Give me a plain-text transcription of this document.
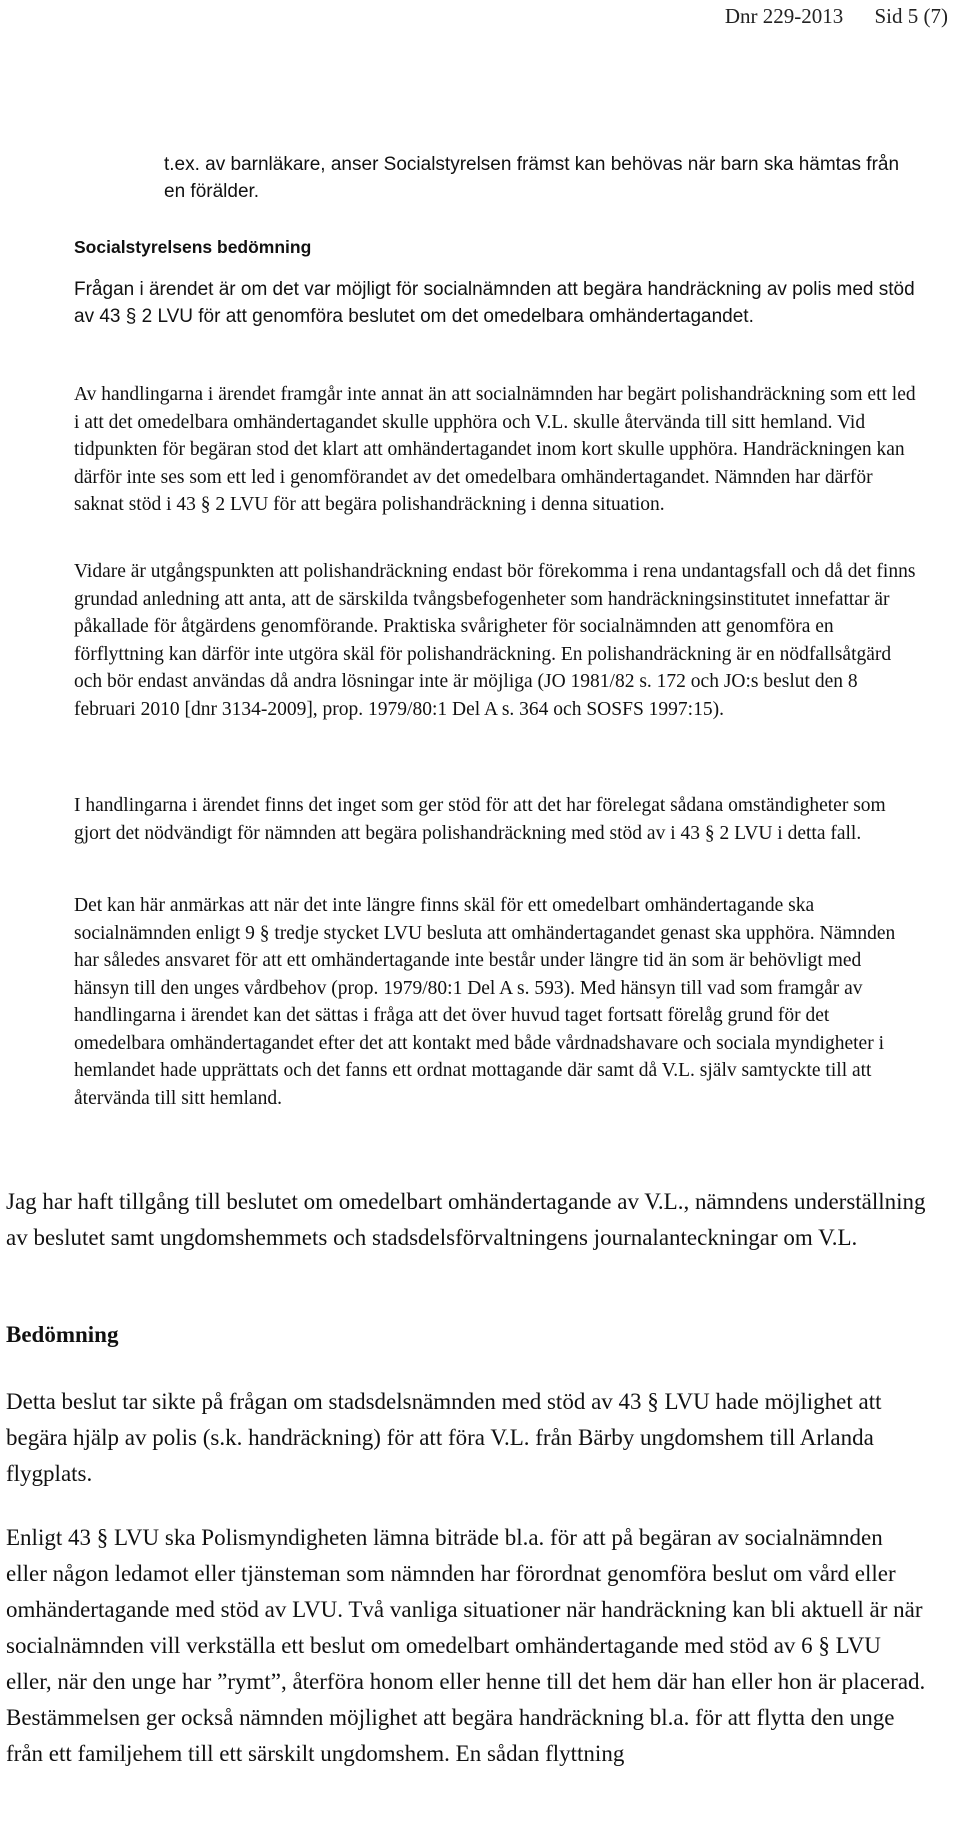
Dnr 229-2013 Sid 5 (7)
t.ex. av barnläkare, anser Socialstyrelsen främst kan behövas när barn ska hämtas från en förälder.
Socialstyrelsens bedömning

Frågan i ärendet är om det var möjligt för socialnämnden att begära handräckning av polis med stöd av 43 § 2 LVU för att genomföra beslutet om det omedelbara omhändertagandet.

Av handlingarna i ärendet framgår inte annat än att socialnämnden har begärt polishandräckning som ett led i att det omedelbara omhändertagandet skulle upphöra och V.L. skulle återvända till sitt hemland. Vid tidpunkten för begäran stod det klart att omhändertagandet inom kort skulle upphöra. Handräckningen kan därför inte ses som ett led i genomförandet av det omedelbara omhändertagandet. Nämnden har därför saknat stöd i 43 § 2 LVU för att begära polishandräckning i denna situation.

Vidare är utgångspunkten att polishandräckning endast bör förekomma i rena undantagsfall och då det finns grundad anledning att anta, att de särskilda tvångsbefogenheter som handräckningsinstitutet innefattar är påkallade för åtgärdens genomförande. Praktiska svårigheter för socialnämnden att genomföra en förflyttning kan därför inte utgöra skäl för polishandräckning. En polishandräckning är en nödfallsåtgärd och bör endast användas då andra lösningar inte är möjliga (JO 1981/82 s. 172 och JO:s beslut den 8 februari 2010 [dnr 3134-2009], prop. 1979/80:1 Del A s. 364 och SOSFS 1997:15).

I handlingarna i ärendet finns det inget som ger stöd för att det har förelegat sådana omständigheter som gjort det nödvändigt för nämnden att begära polishandräckning med stöd av i 43 § 2 LVU i detta fall.

Det kan här anmärkas att när det inte längre finns skäl för ett omedelbart omhändertagande ska socialnämnden enligt 9 § tredje stycket LVU besluta att omhändertagandet genast ska upphöra. Nämnden har således ansvaret för att ett omhändertagande inte består under längre tid än som är behövligt med hänsyn till den unges vårdbehov (prop. 1979/80:1 Del A s. 593). Med hänsyn till vad som framgår av handlingarna i ärendet kan det sättas i fråga att det över huvud taget fortsatt förelåg grund för det omedelbara omhändertagandet efter det att kontakt med både vårdnadshavare och sociala myndigheter i hemlandet hade upprättats och det fanns ett ordnat mottagande där samt då V.L. själv samtyckte till att återvända till sitt hemland.

Jag har haft tillgång till beslutet om omedelbart omhändertagande av V.L., nämndens underställning av beslutet samt ungdomshemmets och stadsdelsförvaltningens journalanteckningar om V.L.

Bedömning

Detta beslut tar sikte på frågan om stadsdelsnämnden med stöd av 43 § LVU hade möjlighet att begära hjälp av polis (s.k. handräckning) för att föra V.L. från Bärby ungdomshem till Arlanda flygplats.

Enligt 43 § LVU ska Polismyndigheten lämna biträde bl.a. för att på begäran av socialnämnden eller någon ledamot eller tjänsteman som nämnden har förordnat genomföra beslut om vård eller omhändertagande med stöd av LVU. Två vanliga situationer när handräckning kan bli aktuell är när socialnämnden vill verkställa ett beslut om omedelbart omhändertagande med stöd av 6 § LVU eller, när den unge har ”rymt”, återföra honom eller henne till det hem där han eller hon är placerad. Bestämmelsen ger också nämnden möjlighet att begära handräckning bl.a. för att flytta den unge från ett familjehem till ett särskilt ungdomshem. En sådan flyttning
